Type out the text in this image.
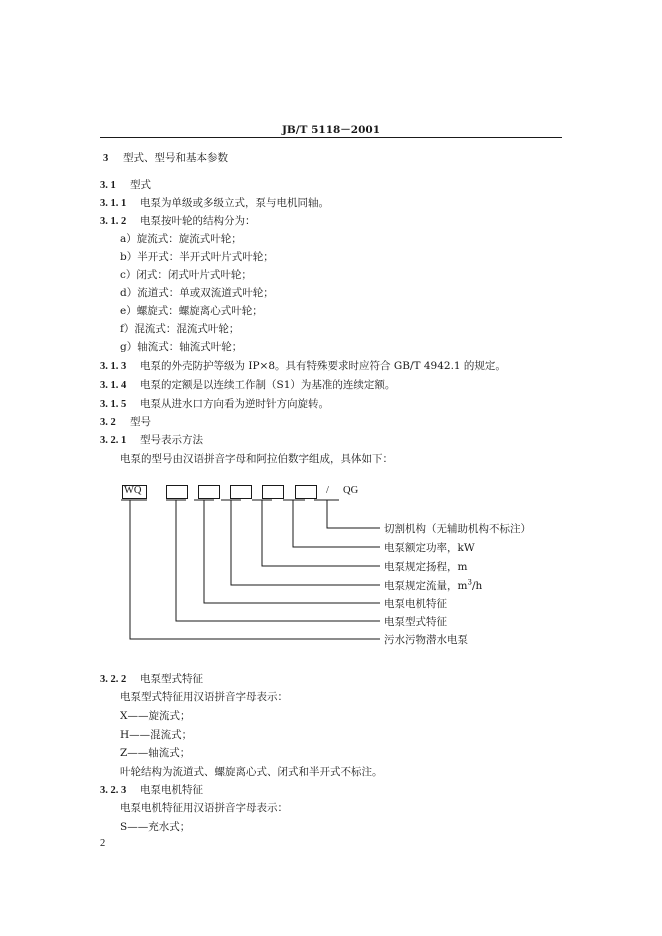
JB/T 5118－2001
3 型式、型号和基本参数
3. 1 型式
3. 1. 1 电泵为单级或多级立式，泵与电机同轴。
3. 1. 2 电泵按叶轮的结构分为：
a）旋流式：旋流式叶轮；
b）半开式：半开式叶片式叶轮；
c）闭式：闭式叶片式叶轮；
d）流道式：单或双流道式叶轮；
e）螺旋式：螺旋离心式叶轮；
f）混流式：混流式叶轮；
g）轴流式：轴流式叶轮；
3. 1. 3 电泵的外壳防护等级为 IP×8。具有特殊要求时应符合 GB/T 4942.1 的规定。
3. 1. 4 电泵的定额是以连续工作制（S1）为基准的连续定额。
3. 1. 5 电泵从进水口方向看为逆时针方向旋转。
3. 2 型号
3. 2. 1 型号表示方法
电泵的型号由汉语拼音字母和阿拉伯数字组成，具体如下：
WQ	/ QG
切割机构（无辅助机构不标注）
电泵额定功率，kW
电泵规定扬程，m
电泵规定流量，$m^3/h$
电泵电机特征
电泵型式特征
污水污物潜水电泵
3. 2. 2 电泵型式特征
电泵型式特征用汉语拼音字母表示：
X——旋流式；
H——混流式；
Z——轴流式；
叶轮结构为流道式、螺旋离心式、闭式和半开式不标注。
3. 2. 3 电泵电机特征
电泵电机特征用汉语拼音字母表示：
S——充水式；
2
